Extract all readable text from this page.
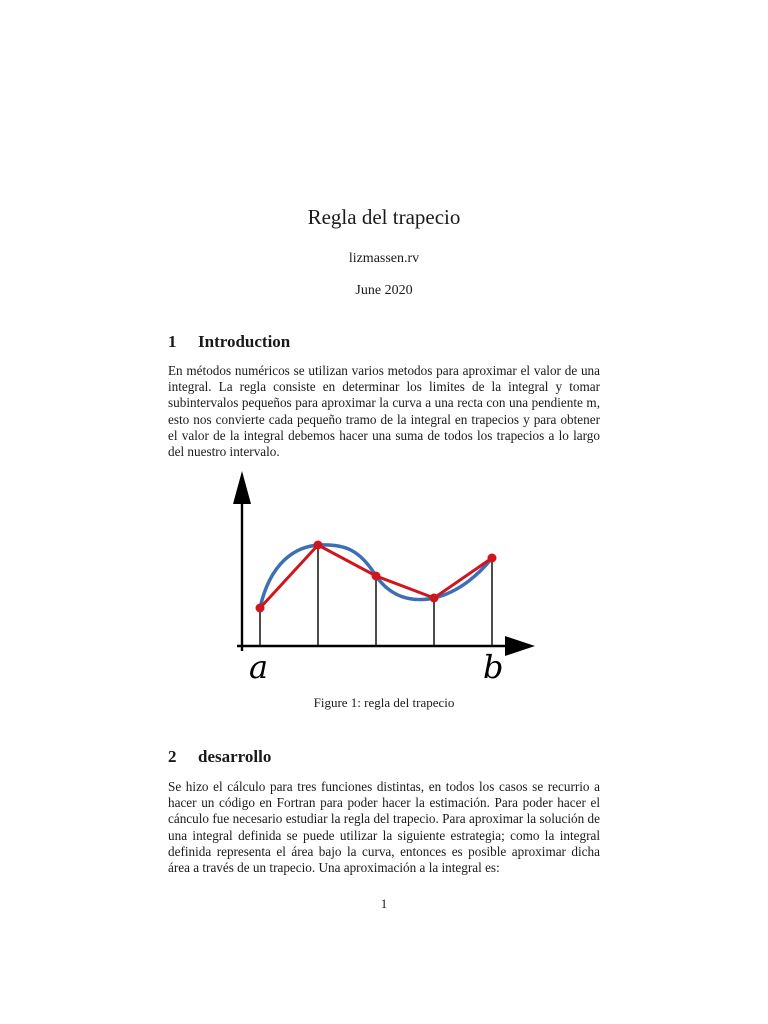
Regla del trapecio
lizmassen.rv
June 2020
1 Introduction
En métodos numéricos se utilizan varios metodos para aproximar el valor de una integral. La regla consiste en determinar los limites de la integral y tomar subintervalos pequeños para aproximar la curva a una recta con una pendiente m, esto nos convierte cada pequeño tramo de la integral en trapecios y para obtener el valor de la integral debemos hacer una suma de todos los trapecios a lo largo del nuestro intervalo.
a	b
Figure 1: regla del trapecio
2 desarrollo
Se hizo el cálculo para tres funciones distintas, en todos los casos se recurrio a hacer un código en Fortran para poder hacer la estimación. Para poder hacer el cánculo fue necesario estudiar la regla del trapecio. Para aproximar la solución de una integral definida se puede utilizar la siguiente estrategia; como la integral definida representa el área bajo la curva, entonces es posible aproximar dicha área a través de un trapecio. Una aproximación a la integral es:
1
